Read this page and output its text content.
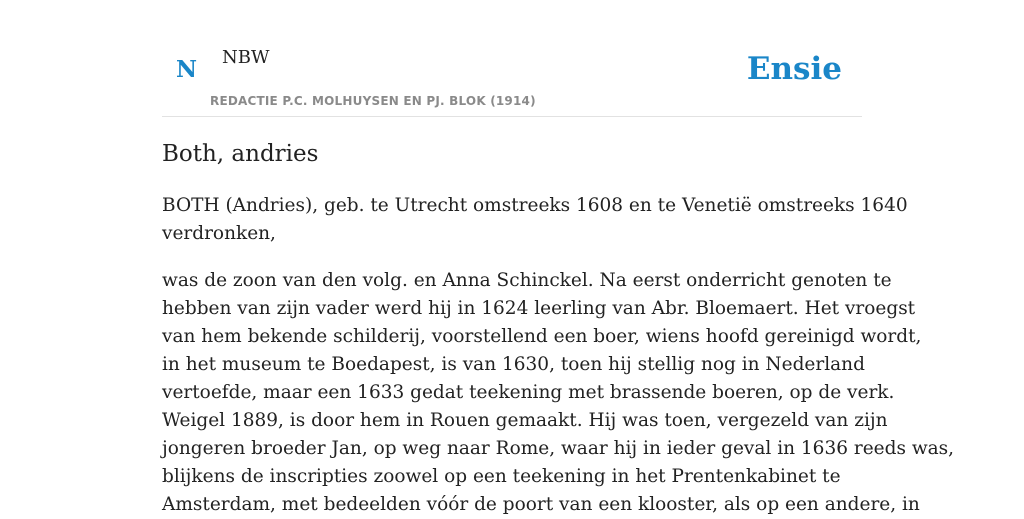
N NBW
REDACTIE P.C. MOLHUYSEN EN PJ. BLOK (1914)
Ensie
Both, andries

BOTH (Andries), geb. te Utrecht omstreeks 1608 en te Venetië omstreeks 1640
verdronken,

was de zoon van den volg. en Anna Schinckel. Na eerst onderricht genoten te
hebben van zijn vader werd hij in 1624 leerling van Abr. Bloemaert. Het vroegst
van hem bekende schilderij, voorstellend een boer, wiens hoofd gereinigd wordt,
in het museum te Boedapest, is van 1630, toen hij stellig nog in Nederland
vertoefde, maar een 1633 gedat teekening met brassende boeren, op de verk.
Weigel 1889, is door hem in Rouen gemaakt. Hij was toen, vergezeld van zijn
jongeren broeder Jan, op weg naar Rome, waar hij in ieder geval in 1636 reeds was,
blijkens de inscripties zoowel op een teekening in het Prentenkabinet te
Amsterdam, met bedeelden vóór de poort van een klooster, als op een andere, in
